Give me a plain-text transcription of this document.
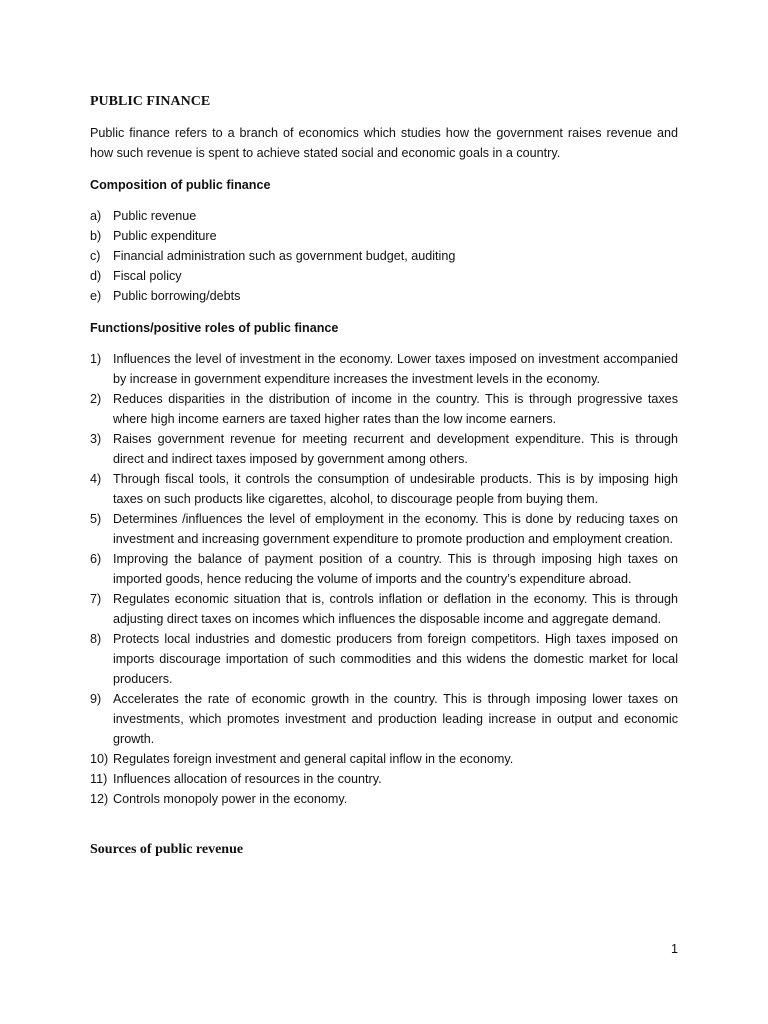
PUBLIC FINANCE

Public finance refers to a branch of economics which studies how the government raises revenue and how such revenue is spent to achieve stated social and economic goals in a country.

Composition of public finance
a) Public revenue
b) Public expenditure
c) Financial administration such as government budget, auditing
d) Fiscal policy
e) Public borrowing/debts
Functions/positive roles of public finance
1) Influences the level of investment in the economy. Lower taxes imposed on investment accompanied by increase in government expenditure increases the investment levels in the economy.
2) Reduces disparities in the distribution of income in the country. This is through progressive taxes where high income earners are taxed higher rates than the low income earners.
3) Raises government revenue for meeting recurrent and development expenditure. This is through direct and indirect taxes imposed by government among others.
4) Through fiscal tools, it controls the consumption of undesirable products. This is by imposing high taxes on such products like cigarettes, alcohol, to discourage people from buying them.
5) Determines /influences the level of employment in the economy. This is done by reducing taxes on investment and increasing government expenditure to promote production and employment creation.
6) Improving the balance of payment position of a country. This is through imposing high taxes on imported goods, hence reducing the volume of imports and the country’s expenditure abroad.
7) Regulates economic situation that is, controls inflation or deflation in the economy. This is through adjusting direct taxes on incomes which influences the disposable income and aggregate demand.
8) Protects local industries and domestic producers from foreign competitors. High taxes imposed on imports discourage importation of such commodities and this widens the domestic market for local producers.
9) Accelerates the rate of economic growth in the country. This is through imposing lower taxes on investments, which promotes investment and production leading increase in output and economic growth.
10) Regulates foreign investment and general capital inflow in the economy.
11) Influences allocation of resources in the country.
12) Controls monopoly power in the economy.
Sources of public revenue
1
